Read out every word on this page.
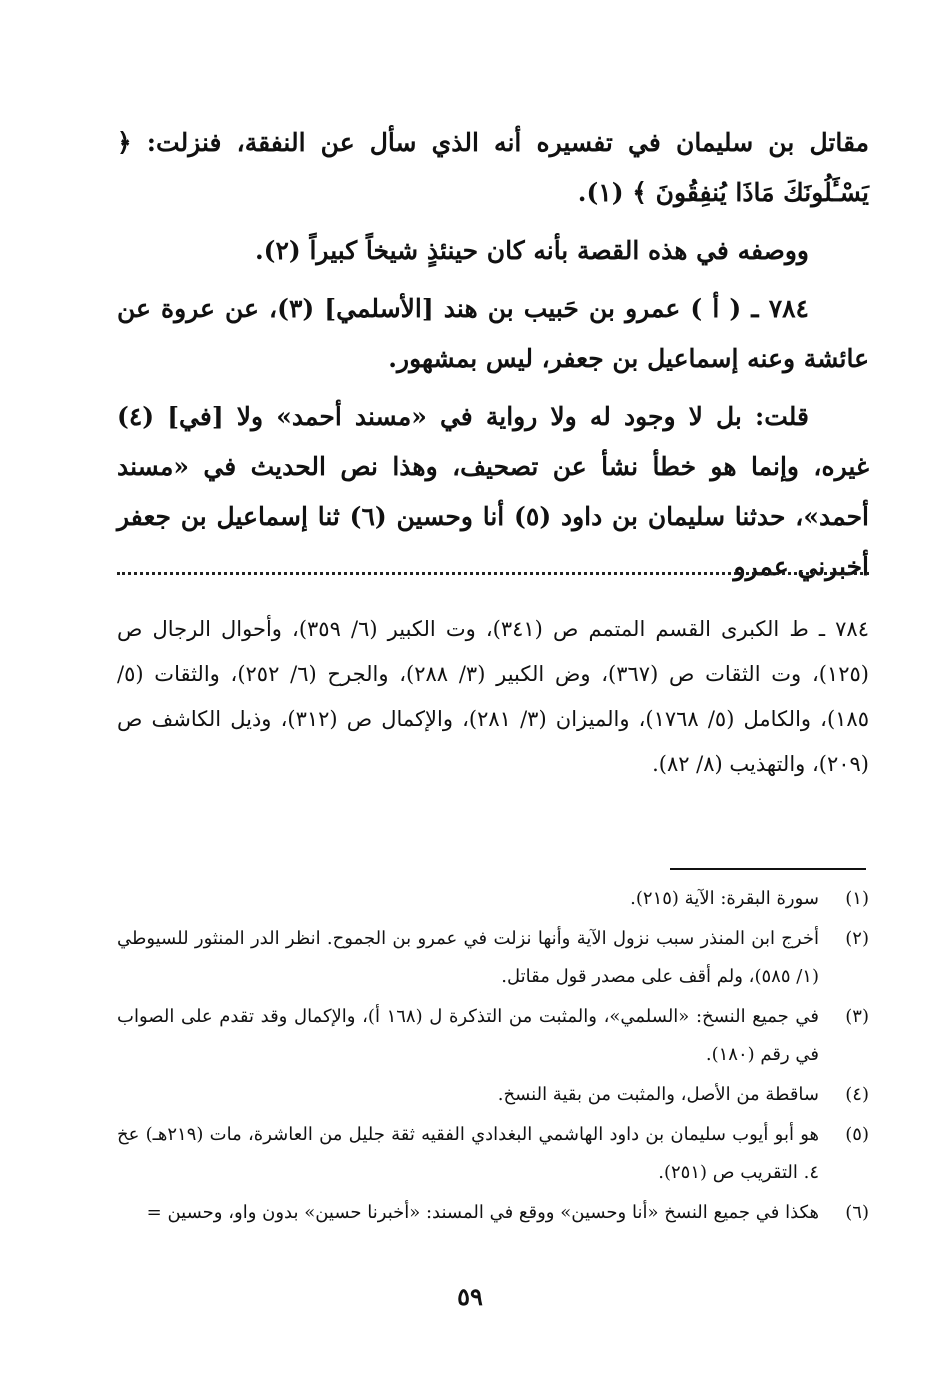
مقاتل بن سليمان في تفسيره أنه الذي سأل عن النفقة، فنزلت: ﴿ يَسْـَٔلُونَكَ مَاذَا يُنفِقُونَ ﴾ (١).

ووصفه في هذه القصة بأنه كان حينئذٍ شيخاً كبيراً (٢).

٧٨٤ ـ ( أ ) عمرو بن حَبيب بن هند [الأسلمي] (٣)، عن عروة عن عائشة وعنه إسماعيل بن جعفر، ليس بمشهور.

قلت: بل لا وجود له ولا رواية في «مسند أحمد» ولا [في] (٤) غيره، وإنما هو خطأ نشأ عن تصحيف، وهذا نص الحديث في «مسند أحمد»، حدثنا سليمان بن داود (٥) أنا وحسين (٦) ثنا إسماعيل بن جعفر أخبرني عمرو

٧٨٤ ـ ط الكبرى القسم المتمم ص (٣٤١)، وت الكبير (٦/ ٣٥٩)، وأحوال الرجال ص (١٢٥)، وت الثقات ص (٣٦٧)، وض الكبير (٣/ ٢٨٨)، والجرح (٦/ ٢٥٢)، والثقات (٥/ ١٨٥)، والكامل (٥/ ١٧٦٨)، والميزان (٣/ ٢٨١)، والإكمال ص (٣١٢)، وذيل الكاشف ص (٢٠٩)، والتهذيب (٨/ ٨٢).

(١)
سورة البقرة: الآية (٢١٥).
(٢)
أخرج ابن المنذر سبب نزول الآية وأنها نزلت في عمرو بن الجموح. انظر الدر المنثور للسيوطي (١/ ٥٨٥)، ولم أقف على مصدر قول مقاتل.
(٣)
في جميع النسخ: «السلمي»، والمثبت من التذكرة ل (١٦٨ أ)، والإكمال وقد تقدم على الصواب في رقم (١٨٠).
(٤)
ساقطة من الأصل، والمثبت من بقية النسخ.
(٥)
هو أبو أيوب سليمان بن داود الهاشمي البغدادي الفقيه ثقة جليل من العاشرة، مات (٢١٩هـ) عخ ٤. التقريب ص (٢٥١).
(٦)
هكذا في جميع النسخ «أنا وحسين» ووقع في المسند: «أخبرنا حسين» بدون واو، وحسين =
٥٩
